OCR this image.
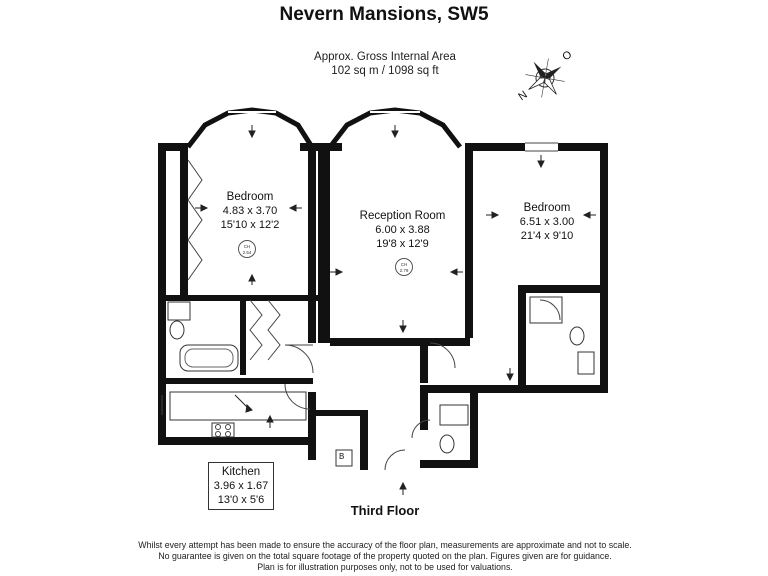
Nevern Mansions, SW5
Approx. Gross Internal Area
102 sq m / 1098 sq ft
N
O
Bedroom
4.83 x 3.70
15'10 x 12'2
CH
2.54
Reception Room
6.00 x 3.88
19'8 x 12'9
CH
2.79
Bedroom
6.51 x 3.00
21'4 x 9'10
Kitchen
3.96 x 1.67
13'0 x 5'6
B
Third Floor
Whilst every attempt has been made to ensure the accuracy of the floor plan, measurements are approximate and not to scale.
No guarantee is given on the total square footage of the property quoted on the plan. Figures given are for guidance.
Plan is for illustration purposes only, not to be used for valuations.
